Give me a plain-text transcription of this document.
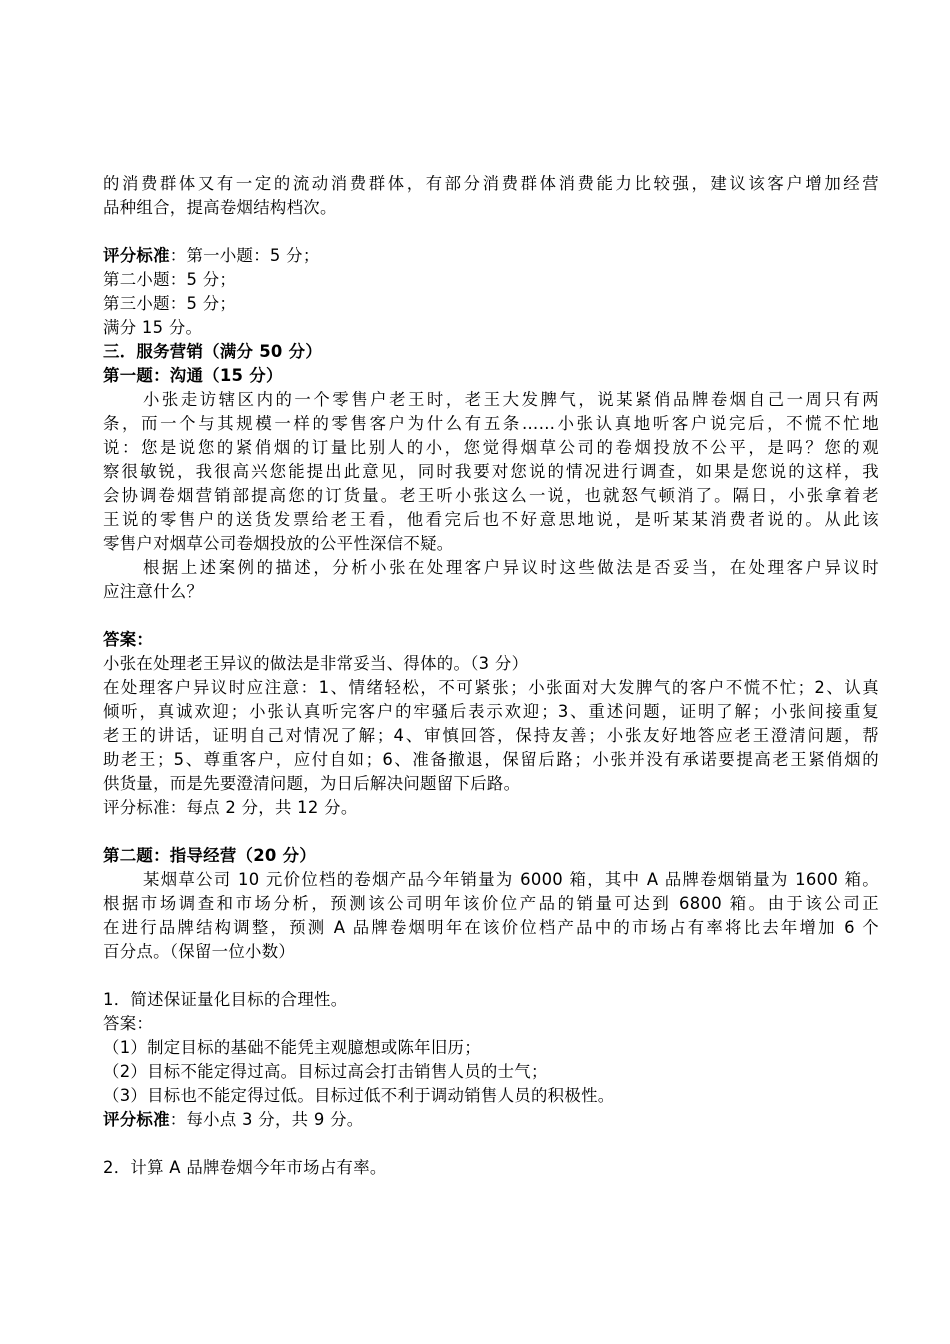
的消费群体又有一定的流动消费群体，有部分消费群体消费能力比较强，建议该客户增加经营
品种组合，提高卷烟结构档次。
评分标准：第一小题：5 分；
第二小题：5 分；
第三小题：5 分；
满分 15 分。
三．服务营销（满分 50 分）
第一题：沟通（15 分）
小张走访辖区内的一个零售户老王时，老王大发脾气，说某紧俏品牌卷烟自己一周只有两
条，而一个与其规模一样的零售客户为什么有五条……小张认真地听客户说完后，不慌不忙地
说：您是说您的紧俏烟的订量比别人的小，您觉得烟草公司的卷烟投放不公平，是吗？您的观
察很敏锐，我很高兴您能提出此意见，同时我要对您说的情况进行调查，如果是您说的这样，我
会协调卷烟营销部提高您的订货量。老王听小张这么一说，也就怒气顿消了。隔日，小张拿着老
王说的零售户的送货发票给老王看，他看完后也不好意思地说，是听某某消费者说的。从此该
零售户对烟草公司卷烟投放的公平性深信不疑。
根据上述案例的描述，分析小张在处理客户异议时这些做法是否妥当，在处理客户异议时
应注意什么？
答案：
小张在处理老王异议的做法是非常妥当、得体的。（3 分）
在处理客户异议时应注意：1、情绪轻松，不可紧张；小张面对大发脾气的客户不慌不忙；2、认真
倾听，真诚欢迎；小张认真听完客户的牢骚后表示欢迎；3、重述问题，证明了解；小张间接重复
老王的讲话，证明自己对情况了解；4、审慎回答，保持友善；小张友好地答应老王澄清问题，帮
助老王；5、尊重客户，应付自如；6、准备撤退，保留后路；小张并没有承诺要提高老王紧俏烟的
供货量，而是先要澄清问题，为日后解决问题留下后路。
评分标准：每点 2 分，共 12 分。
第二题：指导经营（20 分）
某烟草公司 10 元价位档的卷烟产品今年销量为 6000 箱，其中 A 品牌卷烟销量为 1600 箱。
根据市场调查和市场分析，预测该公司明年该价位产品的销量可达到 6800 箱。由于该公司正
在进行品牌结构调整，预测 A 品牌卷烟明年在该价位档产品中的市场占有率将比去年增加 6 个
百分点。（保留一位小数）
1．简述保证量化目标的合理性。
答案：
（1）制定目标的基础不能凭主观臆想或陈年旧历；
（2）目标不能定得过高。目标过高会打击销售人员的士气；
（3）目标也不能定得过低。目标过低不利于调动销售人员的积极性。
评分标准：每小点 3 分，共 9 分。
2．计算 A 品牌卷烟今年市场占有率。
